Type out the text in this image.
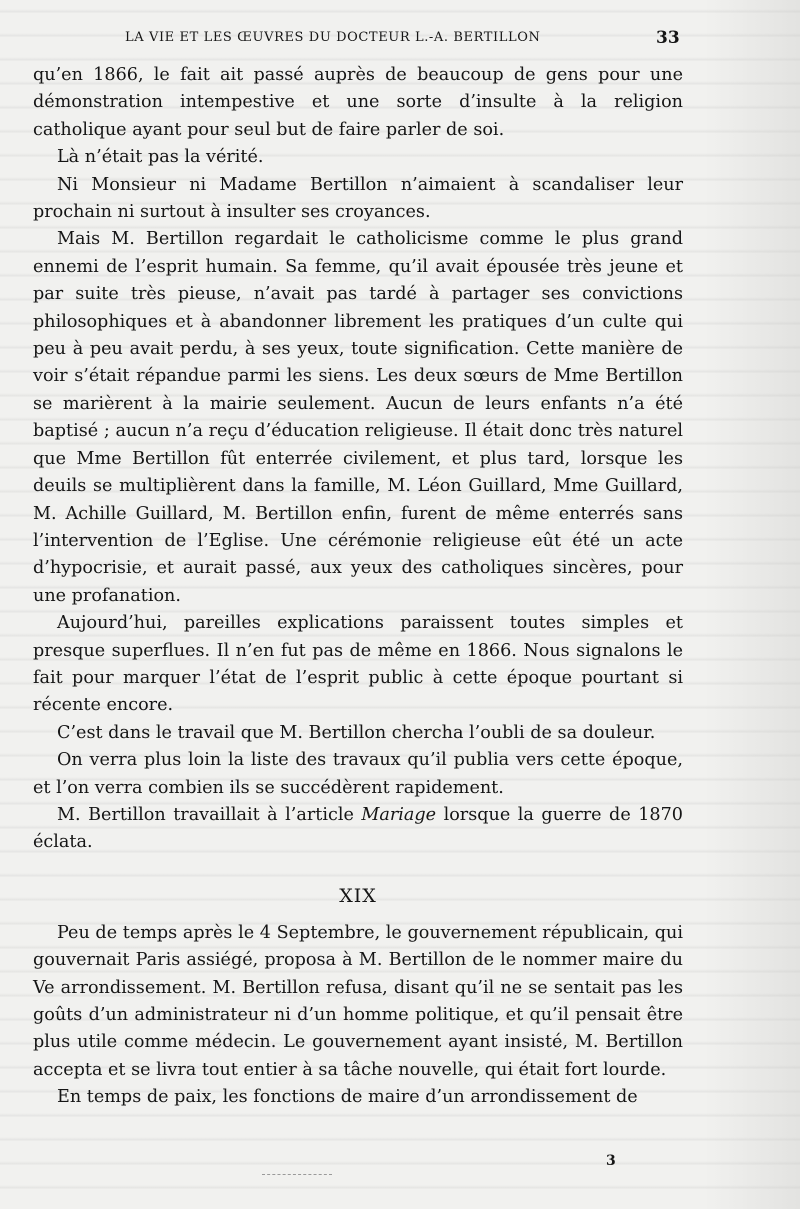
LA VIE ET LES ŒUVRES DU DOCTEUR L.-A. BERTILLON	33

qu’en 1866, le fait ait passé auprès de beaucoup de gens pour une démonstration intempestive et une sorte d’insulte à la religion catholique ayant pour seul but de faire parler de soi.

Là n’était pas la vérité.

Ni Monsieur ni Madame Bertillon n’aimaient à scandaliser leur prochain ni surtout à insulter ses croyances.

Mais M. Bertillon regardait le catholicisme comme le plus grand ennemi de l’esprit humain. Sa femme, qu’il avait épousée très jeune et par suite très pieuse, n’avait pas tardé à partager ses convictions philosophiques et à abandonner librement les pratiques d’un culte qui peu à peu avait perdu, à ses yeux, toute signification. Cette manière de voir s’était répandue parmi les siens. Les deux sœurs de Mme Bertillon se marièrent à la mairie seulement. Aucun de leurs enfants n’a été baptisé ; aucun n’a reçu d’éducation religieuse. Il était donc très naturel que Mme Bertillon fût enterrée civilement, et plus tard, lorsque les deuils se multiplièrent dans la famille, M. Léon Guillard, Mme Guillard, M. Achille Guillard, M. Bertillon enfin, furent de même enterrés sans l’intervention de l’Eglise. Une cérémonie religieuse eût été un acte d’hypocrisie, et aurait passé, aux yeux des catholiques sincères, pour une profanation.

Aujourd’hui, pareilles explications paraissent toutes simples et presque superflues. Il n’en fut pas de même en 1866. Nous signalons le fait pour marquer l’état de l’esprit public à cette époque pourtant si récente encore.

C’est dans le travail que M. Bertillon chercha l’oubli de sa douleur.

On verra plus loin la liste des travaux qu’il publia vers cette époque, et l’on verra combien ils se succédèrent rapidement.

M. Bertillon travaillait à l’article Mariage lorsque la guerre de 1870 éclata.

XIX

Peu de temps après le 4 Septembre, le gouvernement républicain, qui gouvernait Paris assiégé, proposa à M. Bertillon de le nommer maire du Ve arrondissement. M. Bertillon refusa, disant qu’il ne se sentait pas les goûts d’un administrateur ni d’un homme politique, et qu’il pensait être plus utile comme médecin. Le gouvernement ayant insisté, M. Bertillon accepta et se livra tout entier à sa tâche nouvelle, qui était fort lourde.

En temps de paix, les fonctions de maire d’un arrondissement de

3
